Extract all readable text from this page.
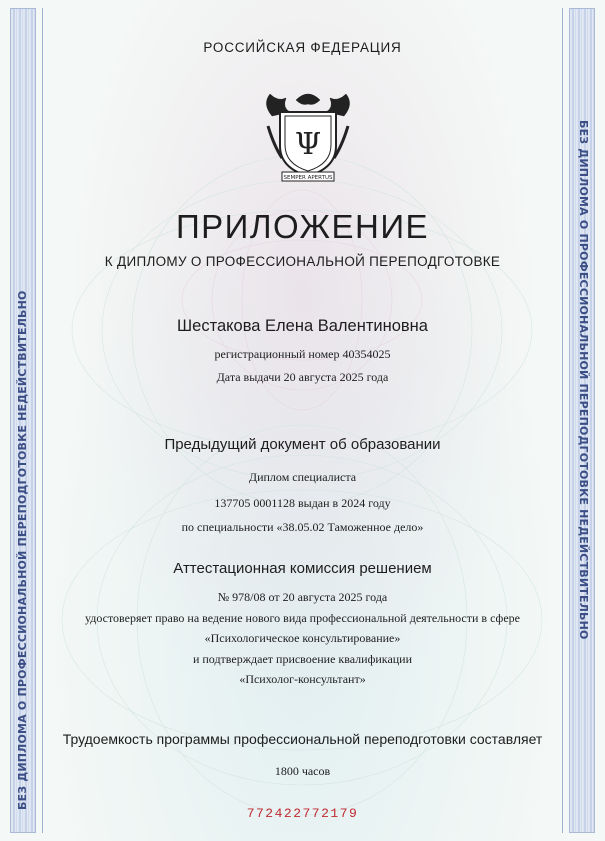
БЕЗ ДИПЛОМА О ПРОФЕССИОНАЛЬНОЙ ПЕРЕПОДГОТОВКЕ НЕДЕЙСТВИТЕЛЬНО	БЕЗ ДИПЛОМА О ПРОФЕССИОНАЛЬНОЙ ПЕРЕПОДГОТОВКЕ НЕДЕЙСТВИТЕЛЬНО
РОССИЙСКАЯ ФЕДЕРАЦИЯ
Ψ
SEMPER APERTUS
ПРИЛОЖЕНИЕ
К ДИПЛОМУ О ПРОФЕССИОНАЛЬНОЙ ПЕРЕПОДГОТОВКЕ
Шестакова Елена Валентиновна
регистрационный номер 40354025
Дата выдачи 20 августа 2025 года
Предыдущий документ об образовании
Диплом специалиста
137705 0001128 выдан в 2024 году
по специальности «38.05.02 Таможенное дело»
Аттестационная комиссия решением
№ 978/08 от 20 августа 2025 года
удостоверяет право на ведение нового вида профессиональной деятельности в сфере
«Психологическое консультирование»
и подтверждает присвоение квалификации
«Психолог-консультант»
Трудоемкость программы профессиональной переподготовки составляет
1800 часов
772422772179
